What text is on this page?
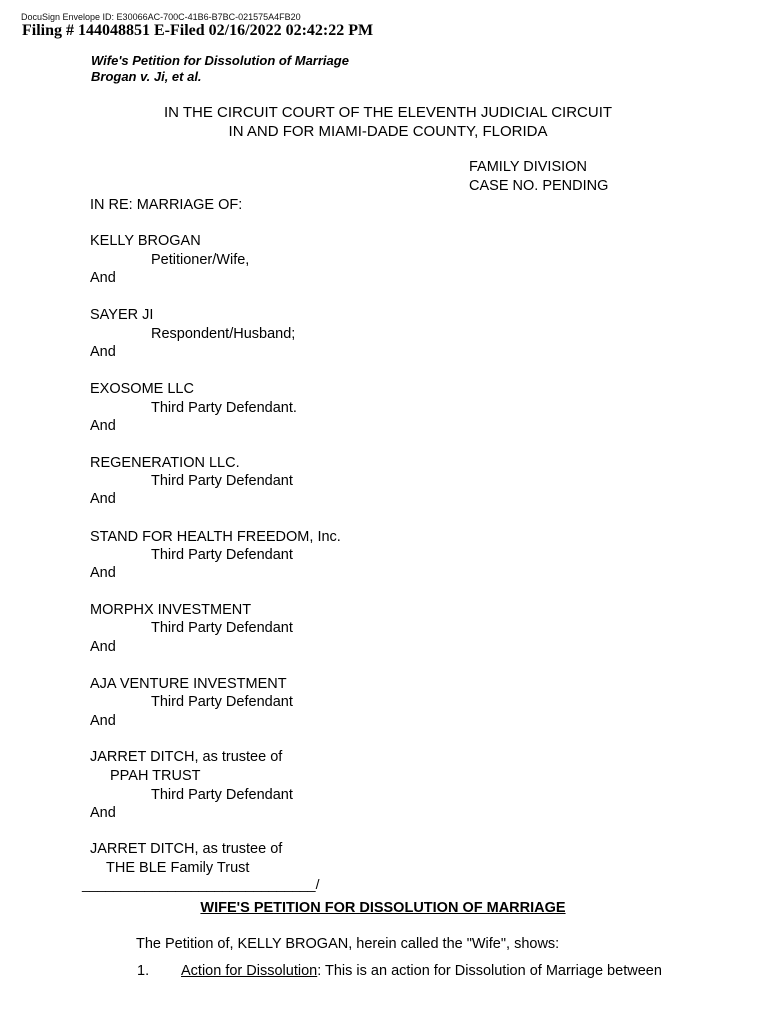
DocuSign Envelope ID: E30066AC-700C-41B6-B7BC-021575A4FB20
Filing # 144048851 E-Filed 02/16/2022 02:42:22 PM
Wife's Petition for Dissolution of Marriage
Brogan v. Ji, et al.
IN THE CIRCUIT COURT OF THE ELEVENTH JUDICIAL CIRCUIT
IN AND FOR MIAMI-DADE COUNTY, FLORIDA
FAMILY DIVISION
CASE NO. PENDING
IN RE: MARRIAGE OF:
KELLY BROGAN
Petitioner/Wife,
And
SAYER JI
Respondent/Husband;
And
EXOSOME LLC
Third Party Defendant.
And
REGENERATION LLC.
Third Party Defendant
And
STAND FOR HEALTH FREEDOM, Inc.
Third Party Defendant
And
MORPHX INVESTMENT
Third Party Defendant
And
AJA VENTURE INVESTMENT
Third Party Defendant
And
JARRET DITCH, as trustee of
PPAH TRUST
Third Party Defendant
And
JARRET DITCH, as trustee of
THE BLE Family Trust
______________________________/
WIFE'S PETITION FOR DISSOLUTION OF MARRIAGE
The Petition of, KELLY BROGAN, herein called the "Wife", shows:
1. Action for Dissolution: This is an action for Dissolution of Marriage between
